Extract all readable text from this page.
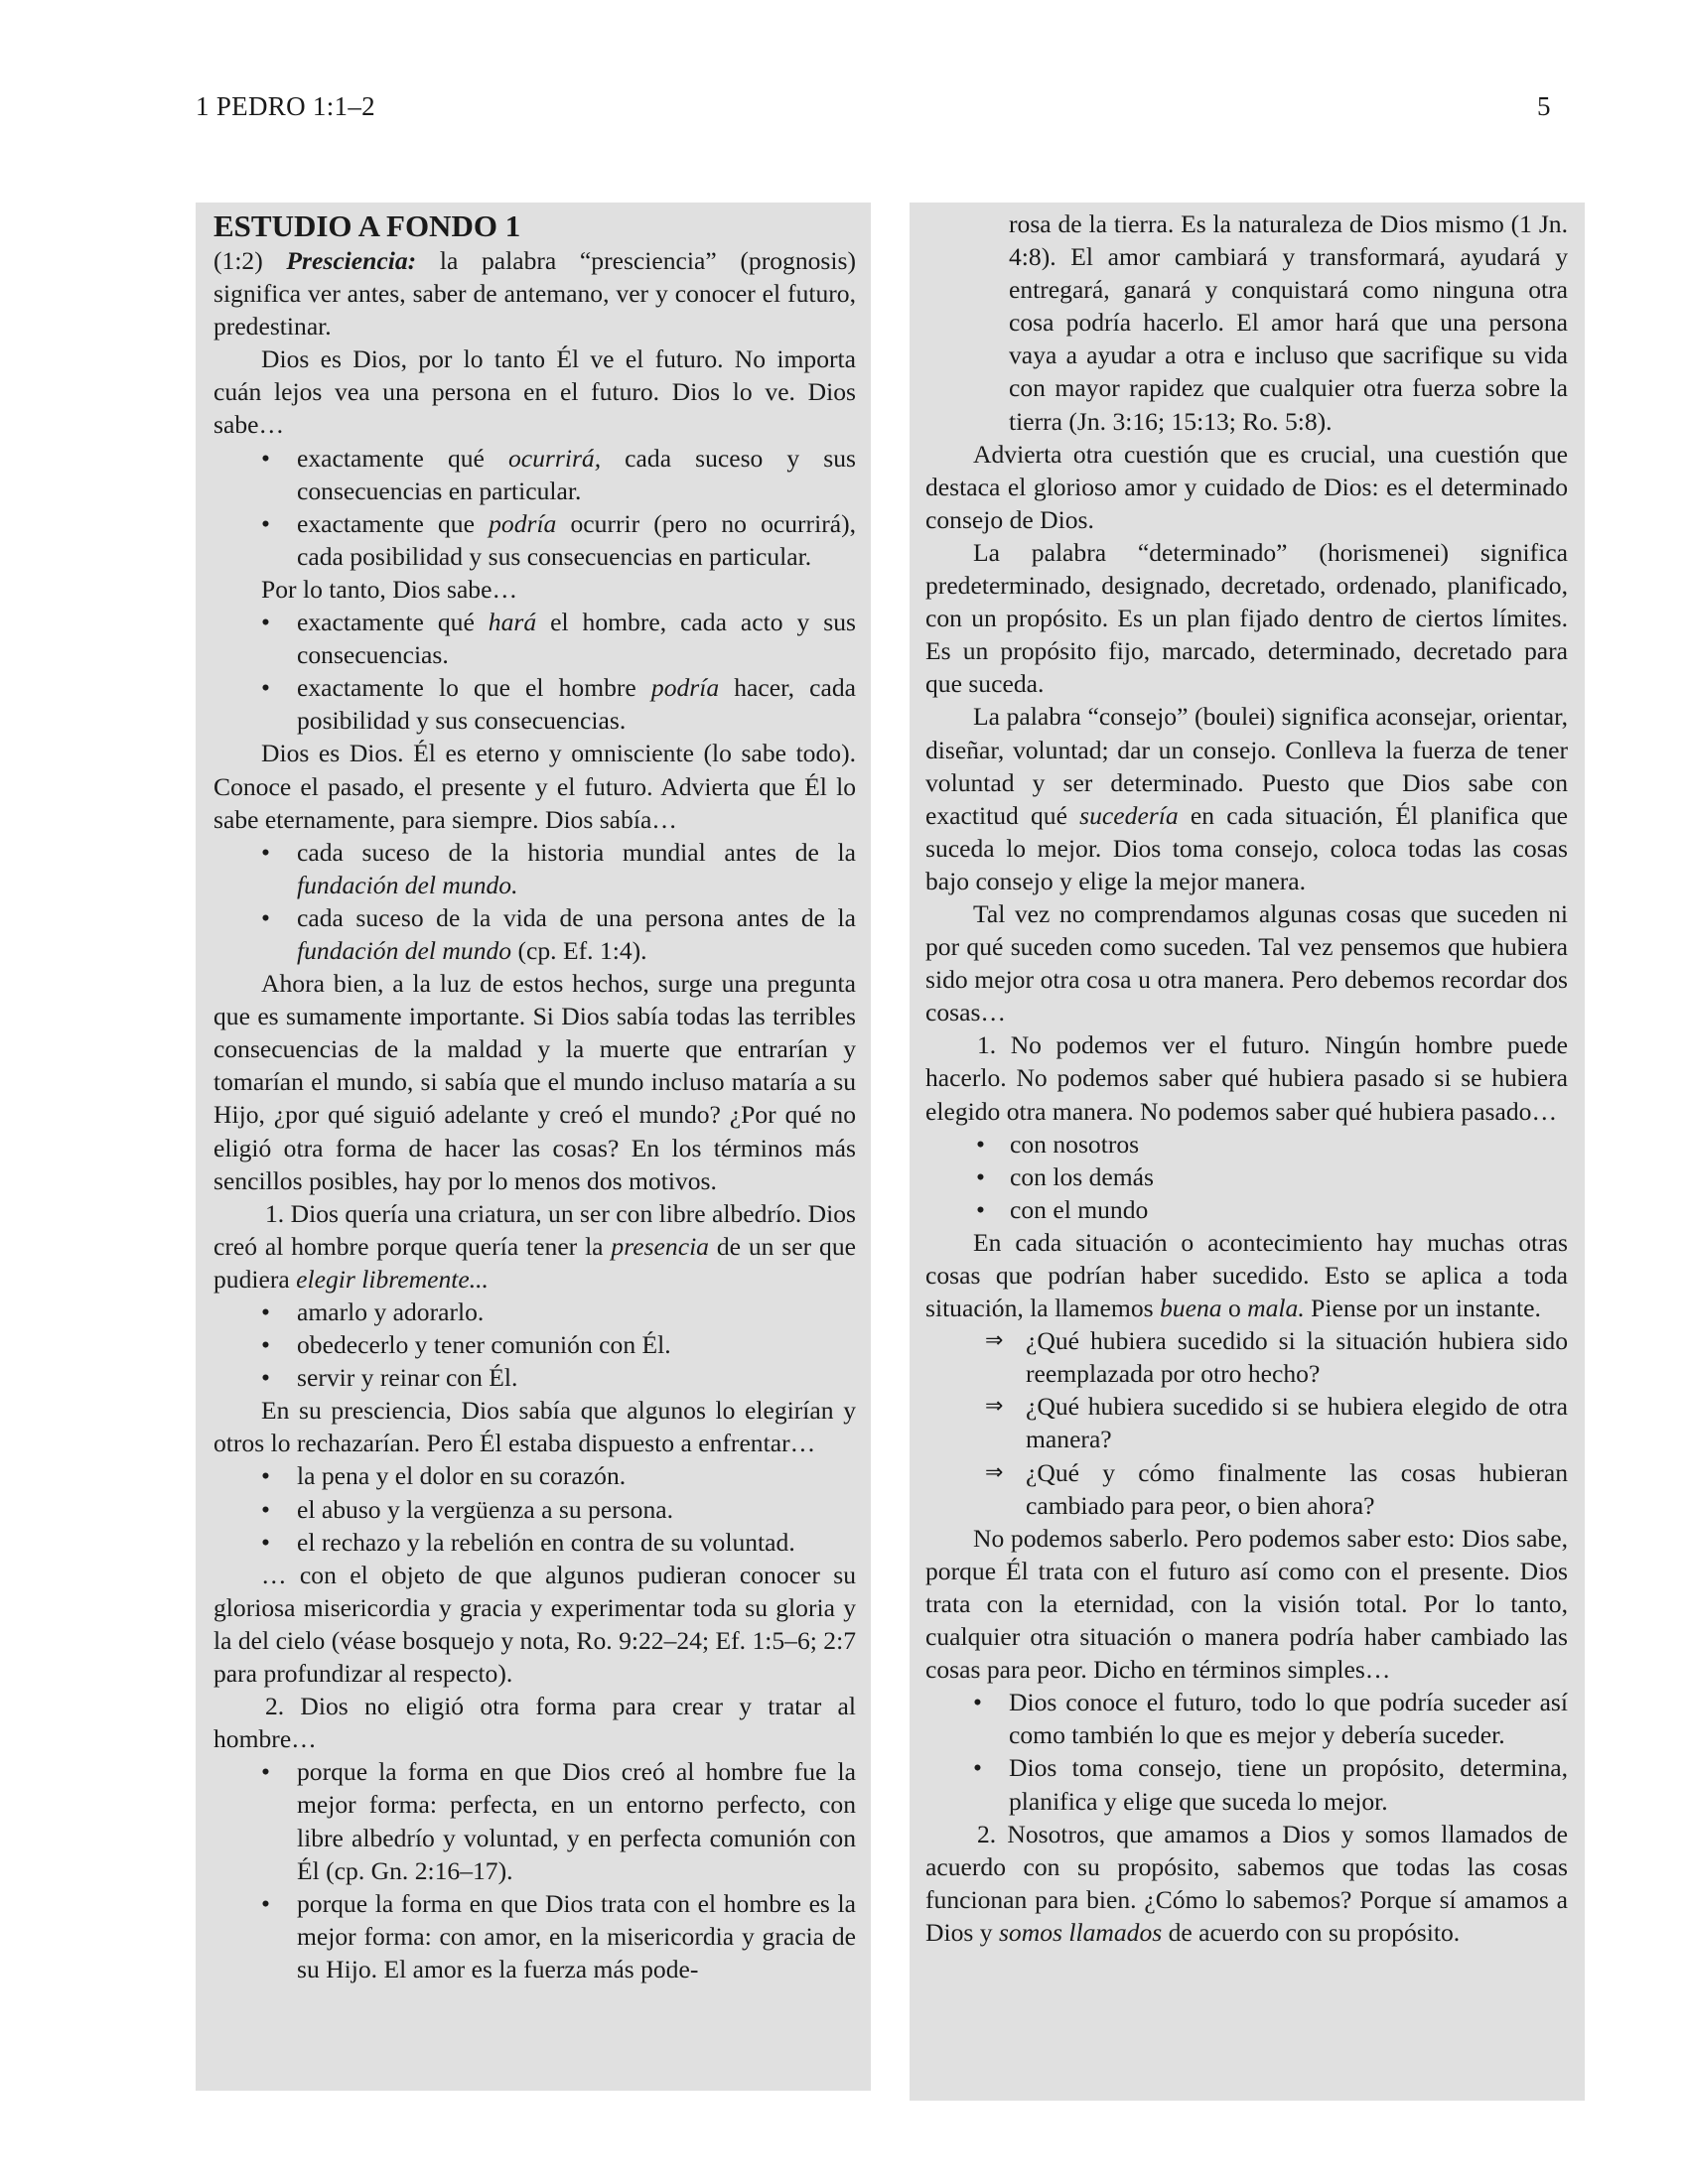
1 PEDRO 1:1–2	5
ESTUDIO A FONDO 1

(1:2) Presciencia: la palabra “presciencia” (prognosis) significa ver antes, saber de antemano, ver y conocer el futuro, predestinar.

Dios es Dios, por lo tanto Él ve el futuro. No importa cuán lejos vea una persona en el futuro. Dios lo ve. Dios sabe…

• exactamente qué ocurrirá, cada suceso y sus consecuencias en particular.
• exactamente que podría ocurrir (pero no ocurrirá), cada posibilidad y sus consecuencias en particular.

Por lo tanto, Dios sabe…

• exactamente qué hará el hombre, cada acto y sus consecuencias.
• exactamente lo que el hombre podría hacer, cada posibilidad y sus consecuencias.

Dios es Dios. Él es eterno y omnisciente (lo sabe todo). Conoce el pasado, el presente y el futuro. Advierta que Él lo sabe eternamente, para siempre. Dios sabía…

• cada suceso de la historia mundial antes de la fundación del mundo.
• cada suceso de la vida de una persona antes de la fundación del mundo (cp. Ef. 1:4).

Ahora bien, a la luz de estos hechos, surge una pregunta que es sumamente importante. Si Dios sabía todas las terribles consecuencias de la maldad y la muerte que entrarían y tomarían el mundo, si sabía que el mundo incluso mataría a su Hijo, ¿por qué siguió adelante y creó el mundo? ¿Por qué no eligió otra forma de hacer las cosas? En los términos más sencillos posibles, hay por lo menos dos motivos.

1. Dios quería una criatura, un ser con libre albedrío. Dios creó al hombre porque quería tener la presencia de un ser que pudiera elegir libremente...

• amarlo y adorarlo.
• obedecerlo y tener comunión con Él.
• servir y reinar con Él.

En su presciencia, Dios sabía que algunos lo elegirían y otros lo rechazarían. Pero Él estaba dispuesto a enfrentar…

• la pena y el dolor en su corazón.
• el abuso y la vergüenza a su persona.
• el rechazo y la rebelión en contra de su voluntad.

… con el objeto de que algunos pudieran conocer su gloriosa misericordia y gracia y experimentar toda su gloria y la del cielo (véase bosquejo y nota, Ro. 9:22–24; Ef. 1:5–6; 2:7 para profundizar al respecto).

2. Dios no eligió otra forma para crear y tratar al hombre…

• porque la forma en que Dios creó al hombre fue la mejor forma: perfecta, en un entorno perfecto, con libre albedrío y voluntad, y en perfecta comunión con Él (cp. Gn. 2:16–17).
• porque la forma en que Dios trata con el hombre es la mejor forma: con amor, en la misericordia y gracia de su Hijo. El amor es la fuerza más pode-

rosa de la tierra. Es la naturaleza de Dios mismo (1 Jn. 4:8). El amor cambiará y transformará, ayudará y entregará, ganará y conquistará como ninguna otra cosa podría hacerlo. El amor hará que una persona vaya a ayudar a otra e incluso que sacrifique su vida con mayor rapidez que cualquier otra fuerza sobre la tierra (Jn. 3:16; 15:13; Ro. 5:8).

Advierta otra cuestión que es crucial, una cuestión que destaca el glorioso amor y cuidado de Dios: es el determinado consejo de Dios.

La palabra “determinado” (horismenei) significa predeterminado, designado, decretado, ordenado, planificado, con un propósito. Es un plan fijado dentro de ciertos límites. Es un propósito fijo, marcado, determinado, decretado para que suceda.

La palabra “consejo” (boulei) significa aconsejar, orientar, diseñar, voluntad; dar un consejo. Conlleva la fuerza de tener voluntad y ser determinado. Puesto que Dios sabe con exactitud qué sucedería en cada situación, Él planifica que suceda lo mejor. Dios toma consejo, coloca todas las cosas bajo consejo y elige la mejor manera.

Tal vez no comprendamos algunas cosas que suceden ni por qué suceden como suceden. Tal vez pensemos que hubiera sido mejor otra cosa u otra manera. Pero debemos recordar dos cosas…

1. No podemos ver el futuro. Ningún hombre puede hacerlo. No podemos saber qué hubiera pasado si se hubiera elegido otra manera. No podemos saber qué hubiera pasado…

• con nosotros
• con los demás
• con el mundo

En cada situación o acontecimiento hay muchas otras cosas que podrían haber sucedido. Esto se aplica a toda situación, la llamemos buena o mala. Piense por un instante.

⇒ ¿Qué hubiera sucedido si la situación hubiera sido reemplazada por otro hecho?
⇒ ¿Qué hubiera sucedido si se hubiera elegido de otra manera?
⇒ ¿Qué y cómo finalmente las cosas hubieran cambiado para peor, o bien ahora?

No podemos saberlo. Pero podemos saber esto: Dios sabe, porque Él trata con el futuro así como con el presente. Dios trata con la eternidad, con la visión total. Por lo tanto, cualquier otra situación o manera podría haber cambiado las cosas para peor. Dicho en términos simples…

• Dios conoce el futuro, todo lo que podría suceder así como también lo que es mejor y debería suceder.
• Dios toma consejo, tiene un propósito, determina, planifica y elige que suceda lo mejor.

2. Nosotros, que amamos a Dios y somos llamados de acuerdo con su propósito, sabemos que todas las cosas funcionan para bien. ¿Cómo lo sabemos? Porque sí amamos a Dios y somos llamados de acuerdo con su propósito.
